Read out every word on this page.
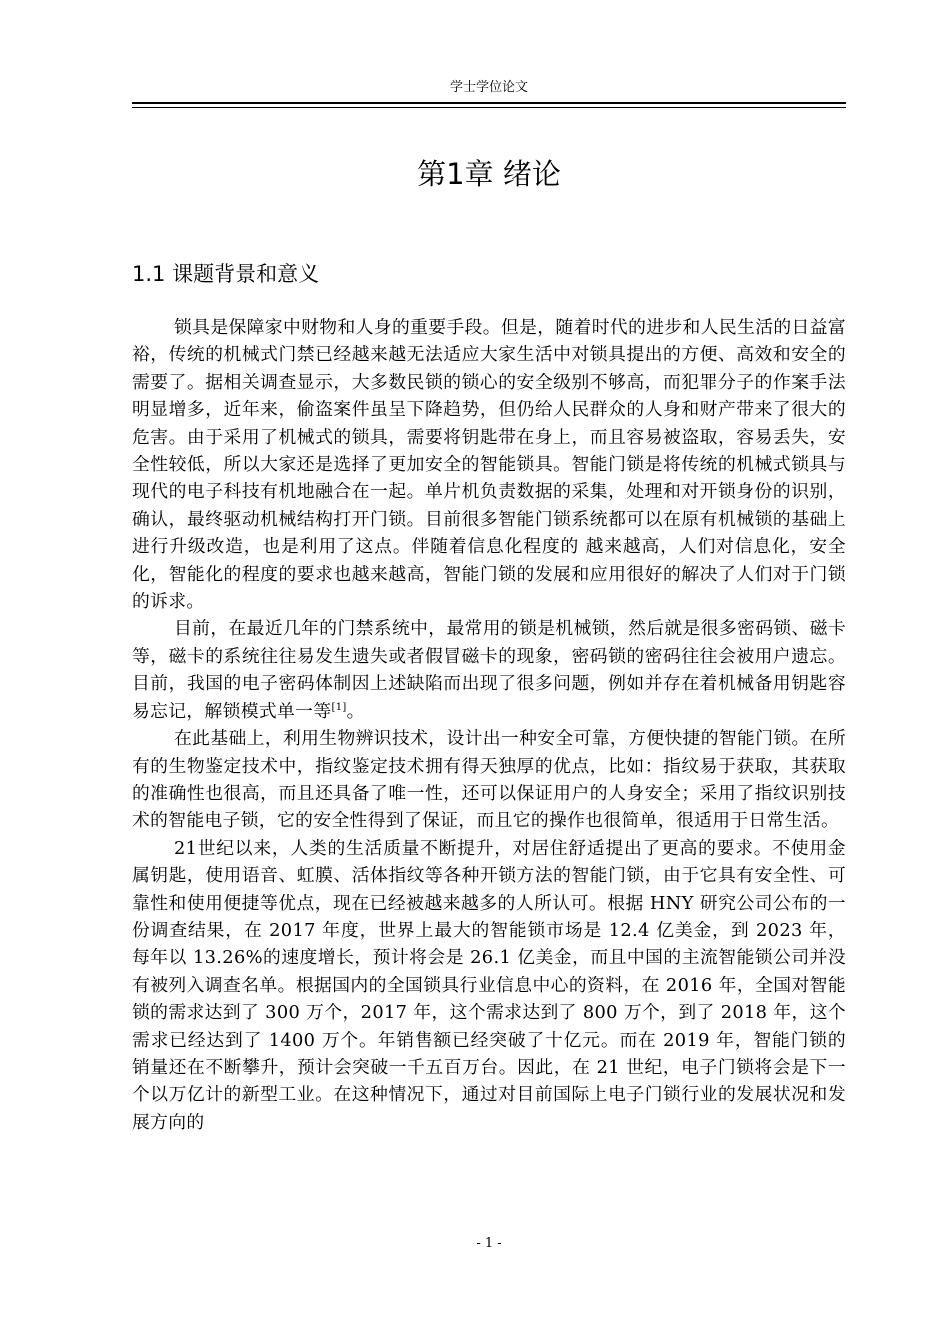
学士学位论文
第1章 绪论
1.1 课题背景和意义

锁具是保障家中财物和人身的重要手段。但是，随着时代的进步和人民生活的日益富裕，传统的机械式门禁已经越来越无法适应大家生活中对锁具提出的方便、高效和安全的需要了。据相关调查显示，大多数民锁的锁心的安全级别不够高，而犯罪分子的作案手法明显增多，近年来，偷盗案件虽呈下降趋势，但仍给人民群众的人身和财产带来了很大的危害。由于采用了机械式的锁具，需要将钥匙带在身上，而且容易被盗取，容易丢失，安全性较低，所以大家还是选择了更加安全的智能锁具。智能门锁是将传统的机械式锁具与现代的电子科技有机地融合在一起。单片机负责数据的采集，处理和对开锁身份的识别，确认，最终驱动机械结构打开门锁。目前很多智能门锁系统都可以在原有机械锁的基础上进行升级改造，也是利用了这点。伴随着信息化程度的 越来越高，人们对信息化，安全化，智能化的程度的要求也越来越高，智能门锁的发展和应用很好的解决了人们对于门锁的诉求。

目前，在最近几年的门禁系统中，最常用的锁是机械锁，然后就是很多密码锁、磁卡等，磁卡的系统往往易发生遗失或者假冒磁卡的现象，密码锁的密码往往会被用户遗忘。目前，我国的电子密码体制因上述缺陷而出现了很多问题，例如并存在着机械备用钥匙容易忘记，解锁模式单一等[1]。

在此基础上，利用生物辨识技术，设计出一种安全可靠，方便快捷的智能门锁。在所有的生物鉴定技术中，指纹鉴定技术拥有得天独厚的优点，比如：指纹易于获取，其获取的准确性也很高，而且还具备了唯一性，还可以保证用户的人身安全；采用了指纹识别技术的智能电子锁，它的安全性得到了保证，而且它的操作也很简单，很适用于日常生活。

21世纪以来，人类的生活质量不断提升，对居住舒适提出了更高的要求。不使用金属钥匙，使用语音、虹膜、活体指纹等各种开锁方法的智能门锁，由于它具有安全性、可靠性和使用便捷等优点，现在已经被越来越多的人所认可。根据 HNY 研究公司公布的一份调查结果，在 2017 年度，世界上最大的智能锁市场是 12.4 亿美金，到 2023 年，每年以 13.26%的速度增长，预计将会是 26.1 亿美金，而且中国的主流智能锁公司并没有被列入调查名单。根据国内的全国锁具行业信息中心的资料，在 2016 年，全国对智能锁的需求达到了 300 万个，2017 年，这个需求达到了 800 万个，到了 2018 年，这个需求已经达到了 1400 万个。年销售额已经突破了十亿元。而在 2019 年，智能门锁的销量还在不断攀升，预计会突破一千五百万台。因此，在 21 世纪，电子门锁将会是下一个以万亿计的新型工业。在这种情况下，通过对目前国际上电子门锁行业的发展状况和发展方向的

- 1 -
